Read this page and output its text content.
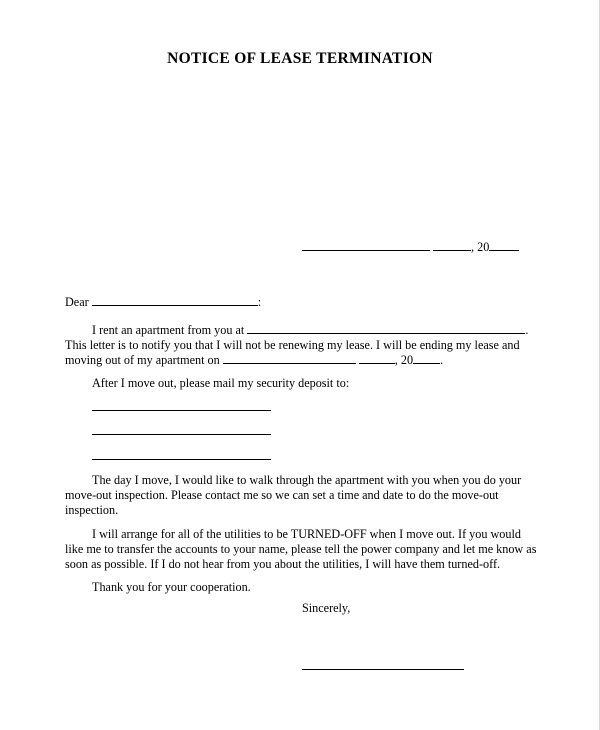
NOTICE OF LEASE TERMINATION
, 20
Dear	:
I rent an apartment from you at	.
This letter is to notify you that I will not be renewing my lease. I will be ending my lease and
moving out of my apartment on	, 20 .
After I move out, please mail my security deposit to:
The day I move, I would like to walk through the apartment with you when you do your
move-out inspection. Please contact me so we can set a time and date to do the move-out
inspection.
I will arrange for all of the utilities to be TURNED-OFF when I move out. If you would
like me to transfer the accounts to your name, please tell the power company and let me know as
soon as possible. If I do not hear from you about the utilities, I will have them turned-off.
Thank you for your cooperation.
Sincerely,
